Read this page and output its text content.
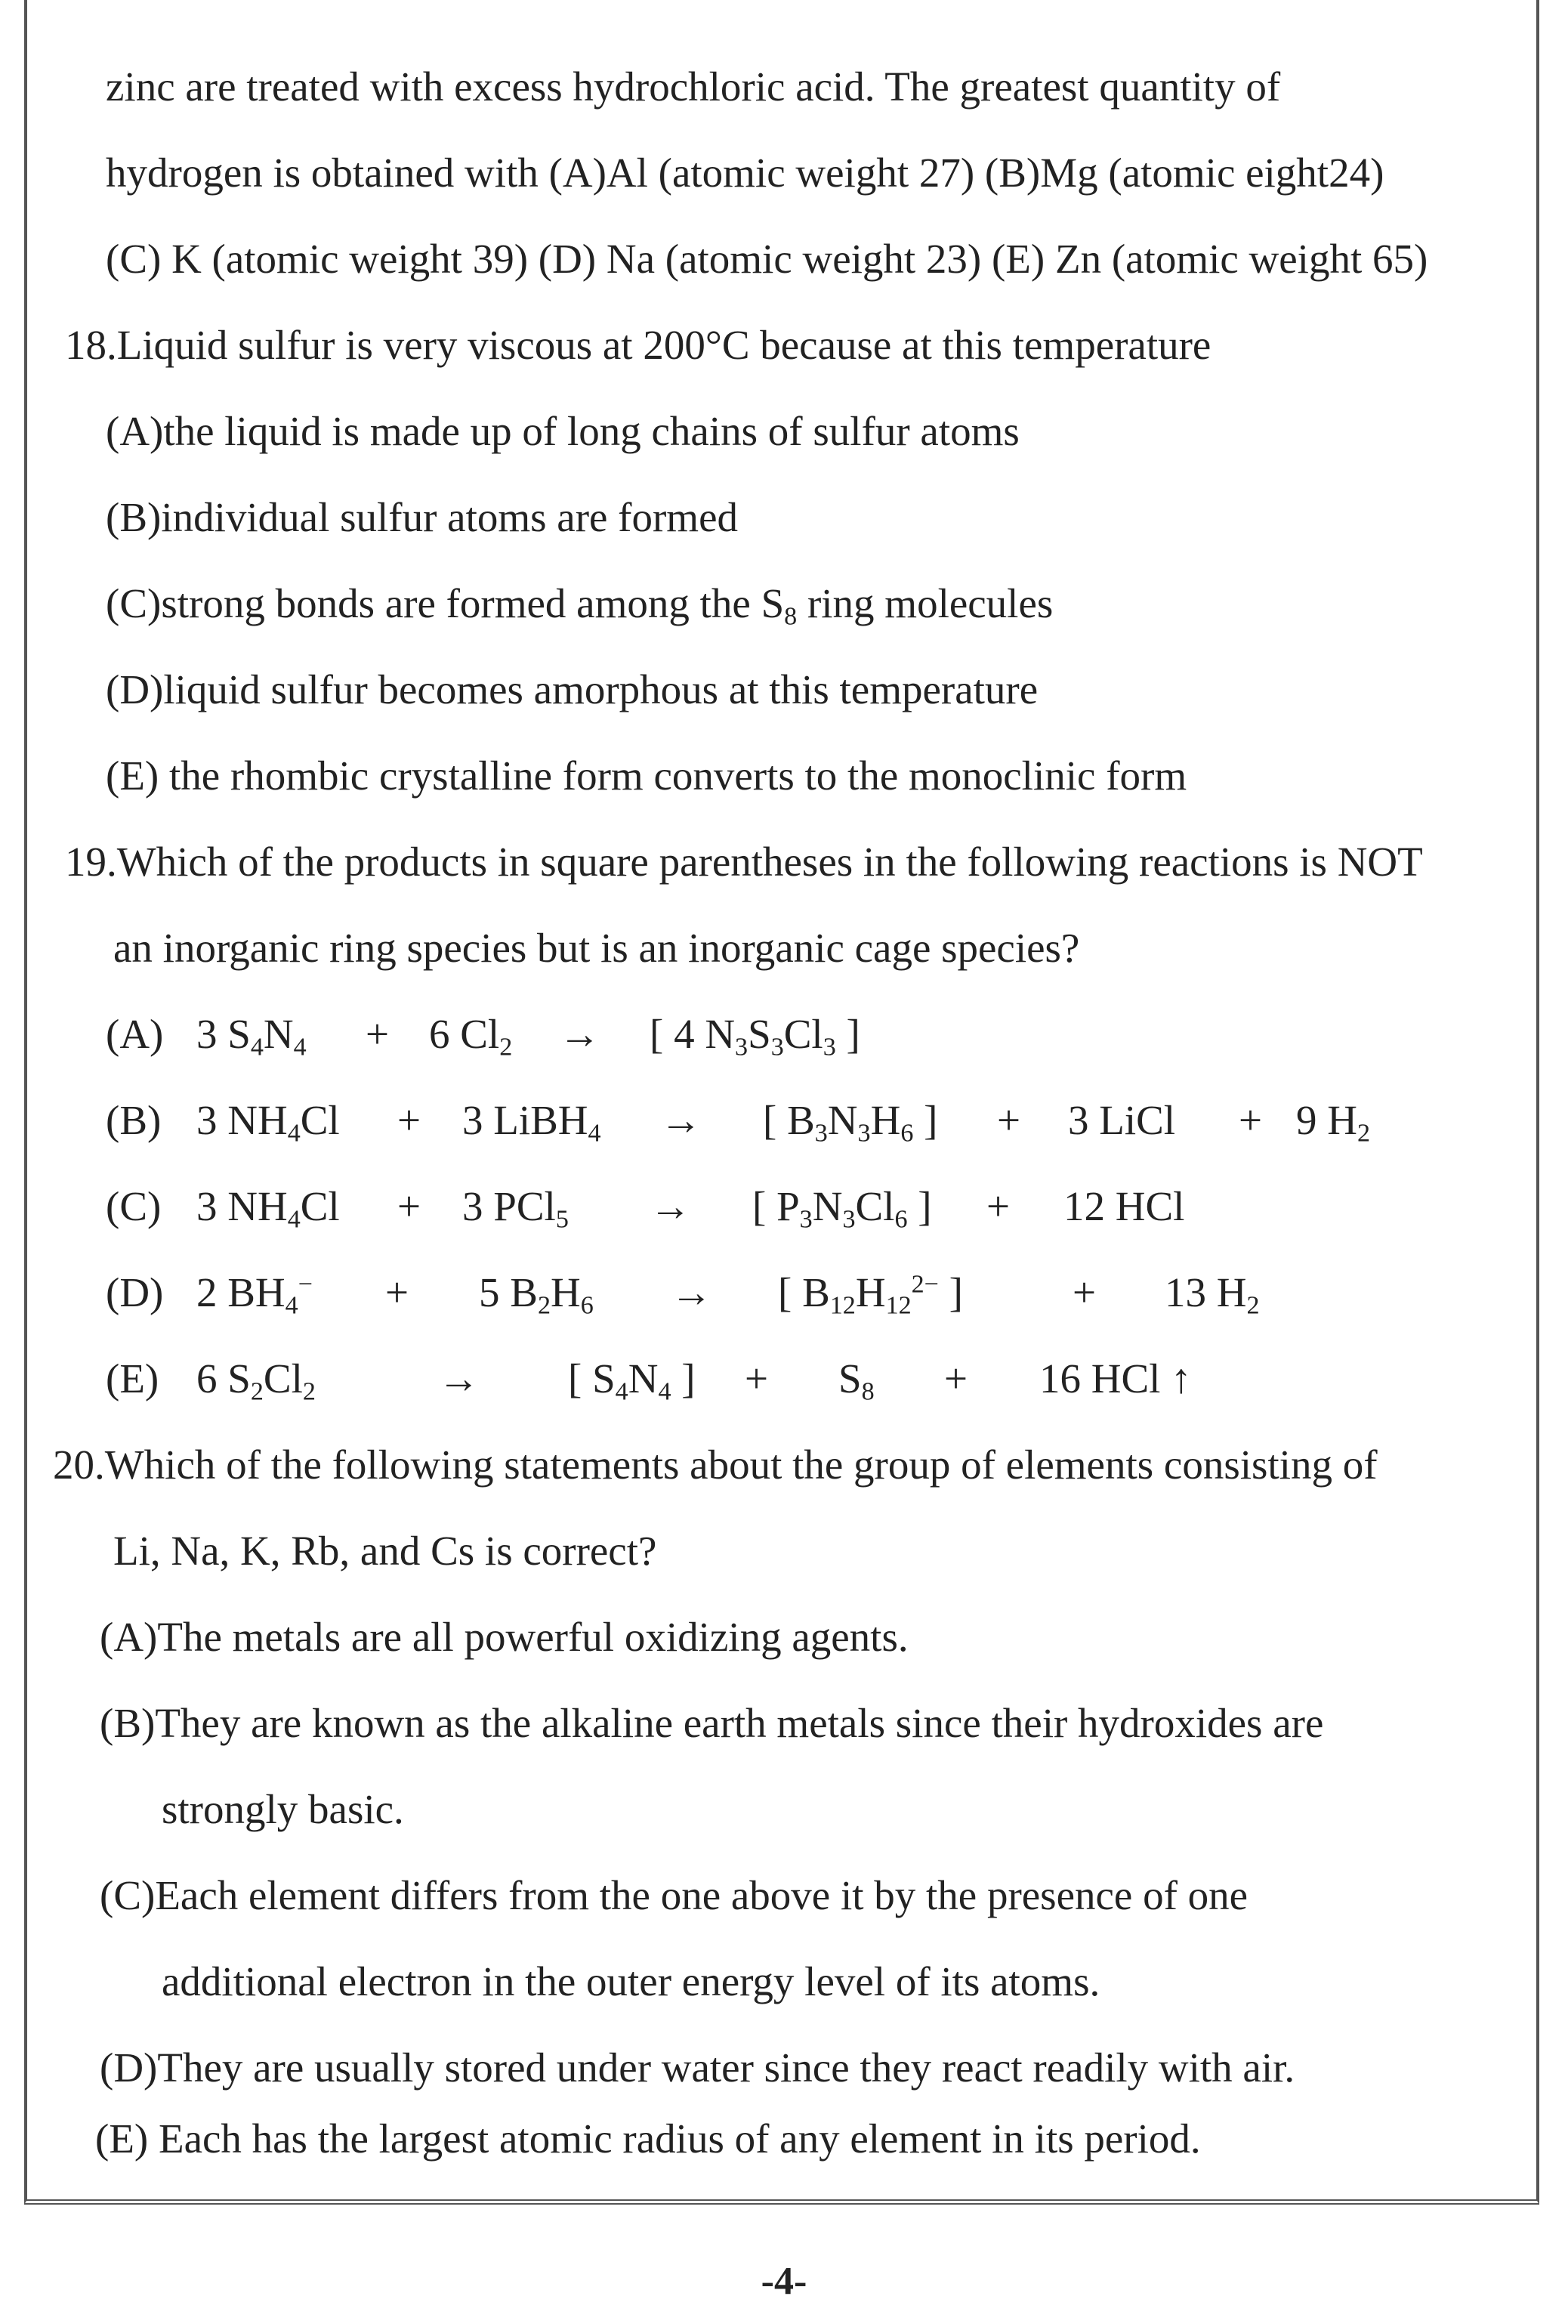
zinc are treated with excess hydrochloric acid. The greatest quantity of
hydrogen is obtained with (A)Al (atomic weight 27) (B)Mg (atomic eight24)
(C) K (atomic weight 39) (D) Na (atomic weight 23) (E) Zn (atomic weight 65)
18.Liquid sulfur is very viscous at 200°C because at this temperature
(A)the liquid is made up of long chains of sulfur atoms
(B)individual sulfur atoms are formed
(C)strong bonds are formed among the $S_8$ ring molecules
(D)liquid sulfur becomes amorphous at this temperature
(E) the rhombic crystalline form converts to the monoclinic form
19.Which of the products in square parentheses in the following reactions is NOT
an inorganic ring species but is an inorganic cage species?
(A) 3 $S_4N_4 + 6$ $Cl_2$ → [ 4 $N_3S_3Cl_3$ ]
(B) 3 $NH_4Cl + 3$ LiBH$_4$ → [ $B_3N_3H_6$ ] + 3 LiCl + 9 $H_2$
(C) 3 $NH_4Cl + 3$ PCl$_5$ → [ $P_3N_3Cl_6$ ] + 12 HCl
(D) 2 $BH_4^- + 5$ $B_2H_6$ → [ $B_{12}H_{12}^{2-}$ ]	+ 13 $H_2$
(E) 6 $S_2Cl_2$	→ [ $S_4N_4$ ] + $S_8 + 16$ HCl ↑
20.Which of the following statements about the group of elements consisting of
Li, Na, K, Rb, and Cs is correct?
(A)The metals are all powerful oxidizing agents.
(B)They are known as the alkaline earth metals since their hydroxides are
strongly basic.
(C)Each element differs from the one above it by the presence of one
additional electron in the outer energy level of its atoms.
(D)They are usually stored under water since they react readily with air.
(E) Each has the largest atomic radius of any element in its period.
-4-
